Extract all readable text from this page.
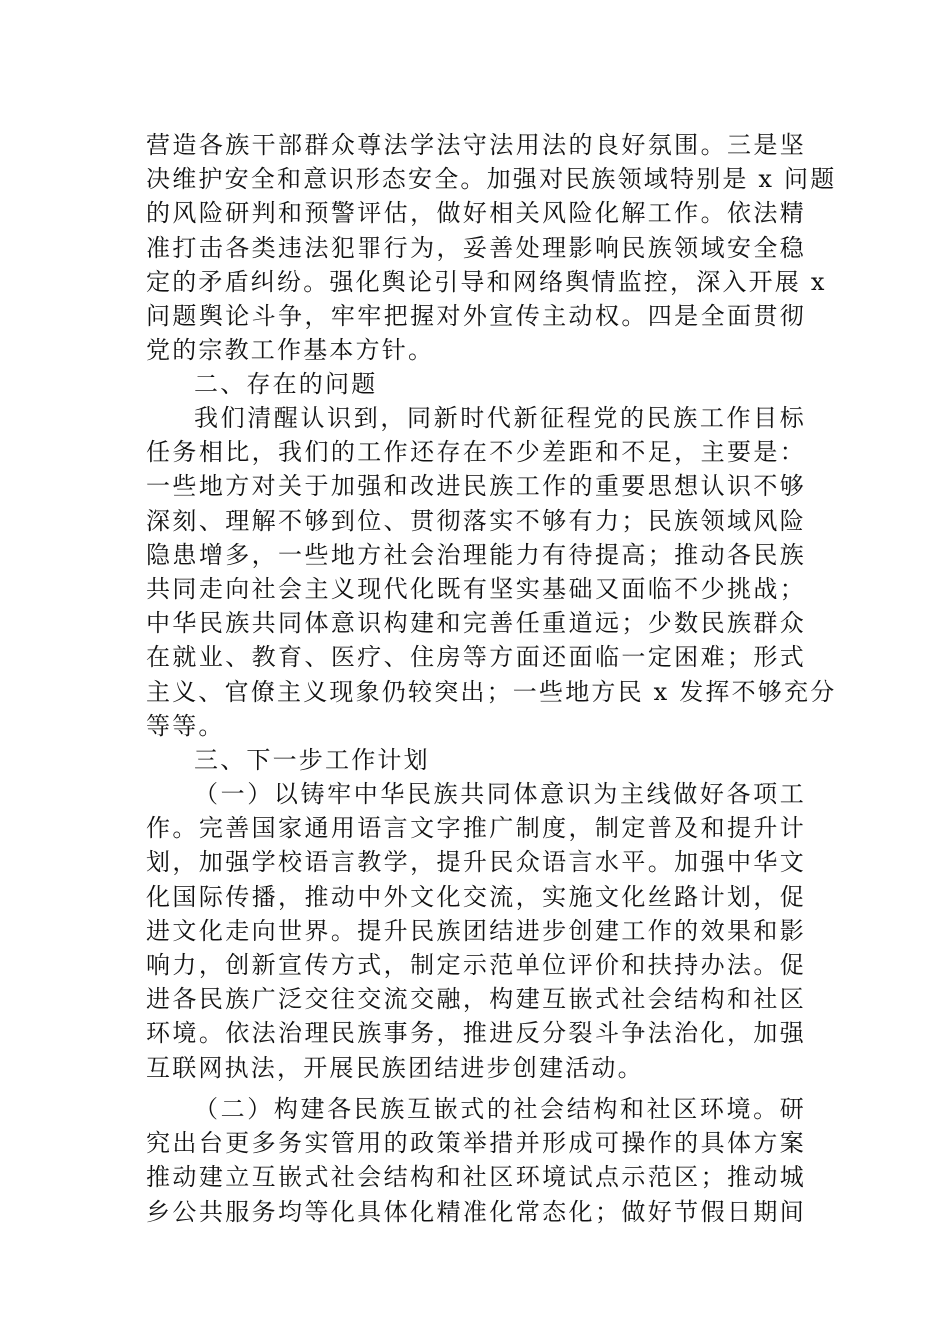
营造各族干部群众尊法学法守法用法的良好氛围。三是坚
决维护安全和意识形态安全。加强对民族领域特别是 x 问题
的风险研判和预警评估，做好相关风险化解工作。依法精
准打击各类违法犯罪行为，妥善处理影响民族领域安全稳
定的矛盾纠纷。强化舆论引导和网络舆情监控，深入开展 x
问题舆论斗争，牢牢把握对外宣传主动权。四是全面贯彻
党的宗教工作基本方针。
二、存在的问题
我们清醒认识到，同新时代新征程党的民族工作目标
任务相比，我们的工作还存在不少差距和不足，主要是：
一些地方对关于加强和改进民族工作的重要思想认识不够
深刻、理解不够到位、贯彻落实不够有力；民族领域风险
隐患增多，一些地方社会治理能力有待提高；推动各民族
共同走向社会主义现代化既有坚实基础又面临不少挑战；
中华民族共同体意识构建和完善任重道远；少数民族群众
在就业、教育、医疗、住房等方面还面临一定困难；形式
主义、官僚主义现象仍较突出；一些地方民 x 发挥不够充分
等等。
三、下一步工作计划
（一）以铸牢中华民族共同体意识为主线做好各项工
作。完善国家通用语言文字推广制度，制定普及和提升计
划，加强学校语言教学，提升民众语言水平。加强中华文
化国际传播，推动中外文化交流，实施文化丝路计划，促
进文化走向世界。提升民族团结进步创建工作的效果和影
响力，创新宣传方式，制定示范单位评价和扶持办法。促
进各民族广泛交往交流交融，构建互嵌式社会结构和社区
环境。依法治理民族事务，推进反分裂斗争法治化，加强
互联网执法，开展民族团结进步创建活动。
（二）构建各民族互嵌式的社会结构和社区环境。研
究出台更多务实管用的政策举措并形成可操作的具体方案
推动建立互嵌式社会结构和社区环境试点示范区；推动城
乡公共服务均等化具体化精准化常态化；做好节假日期间
